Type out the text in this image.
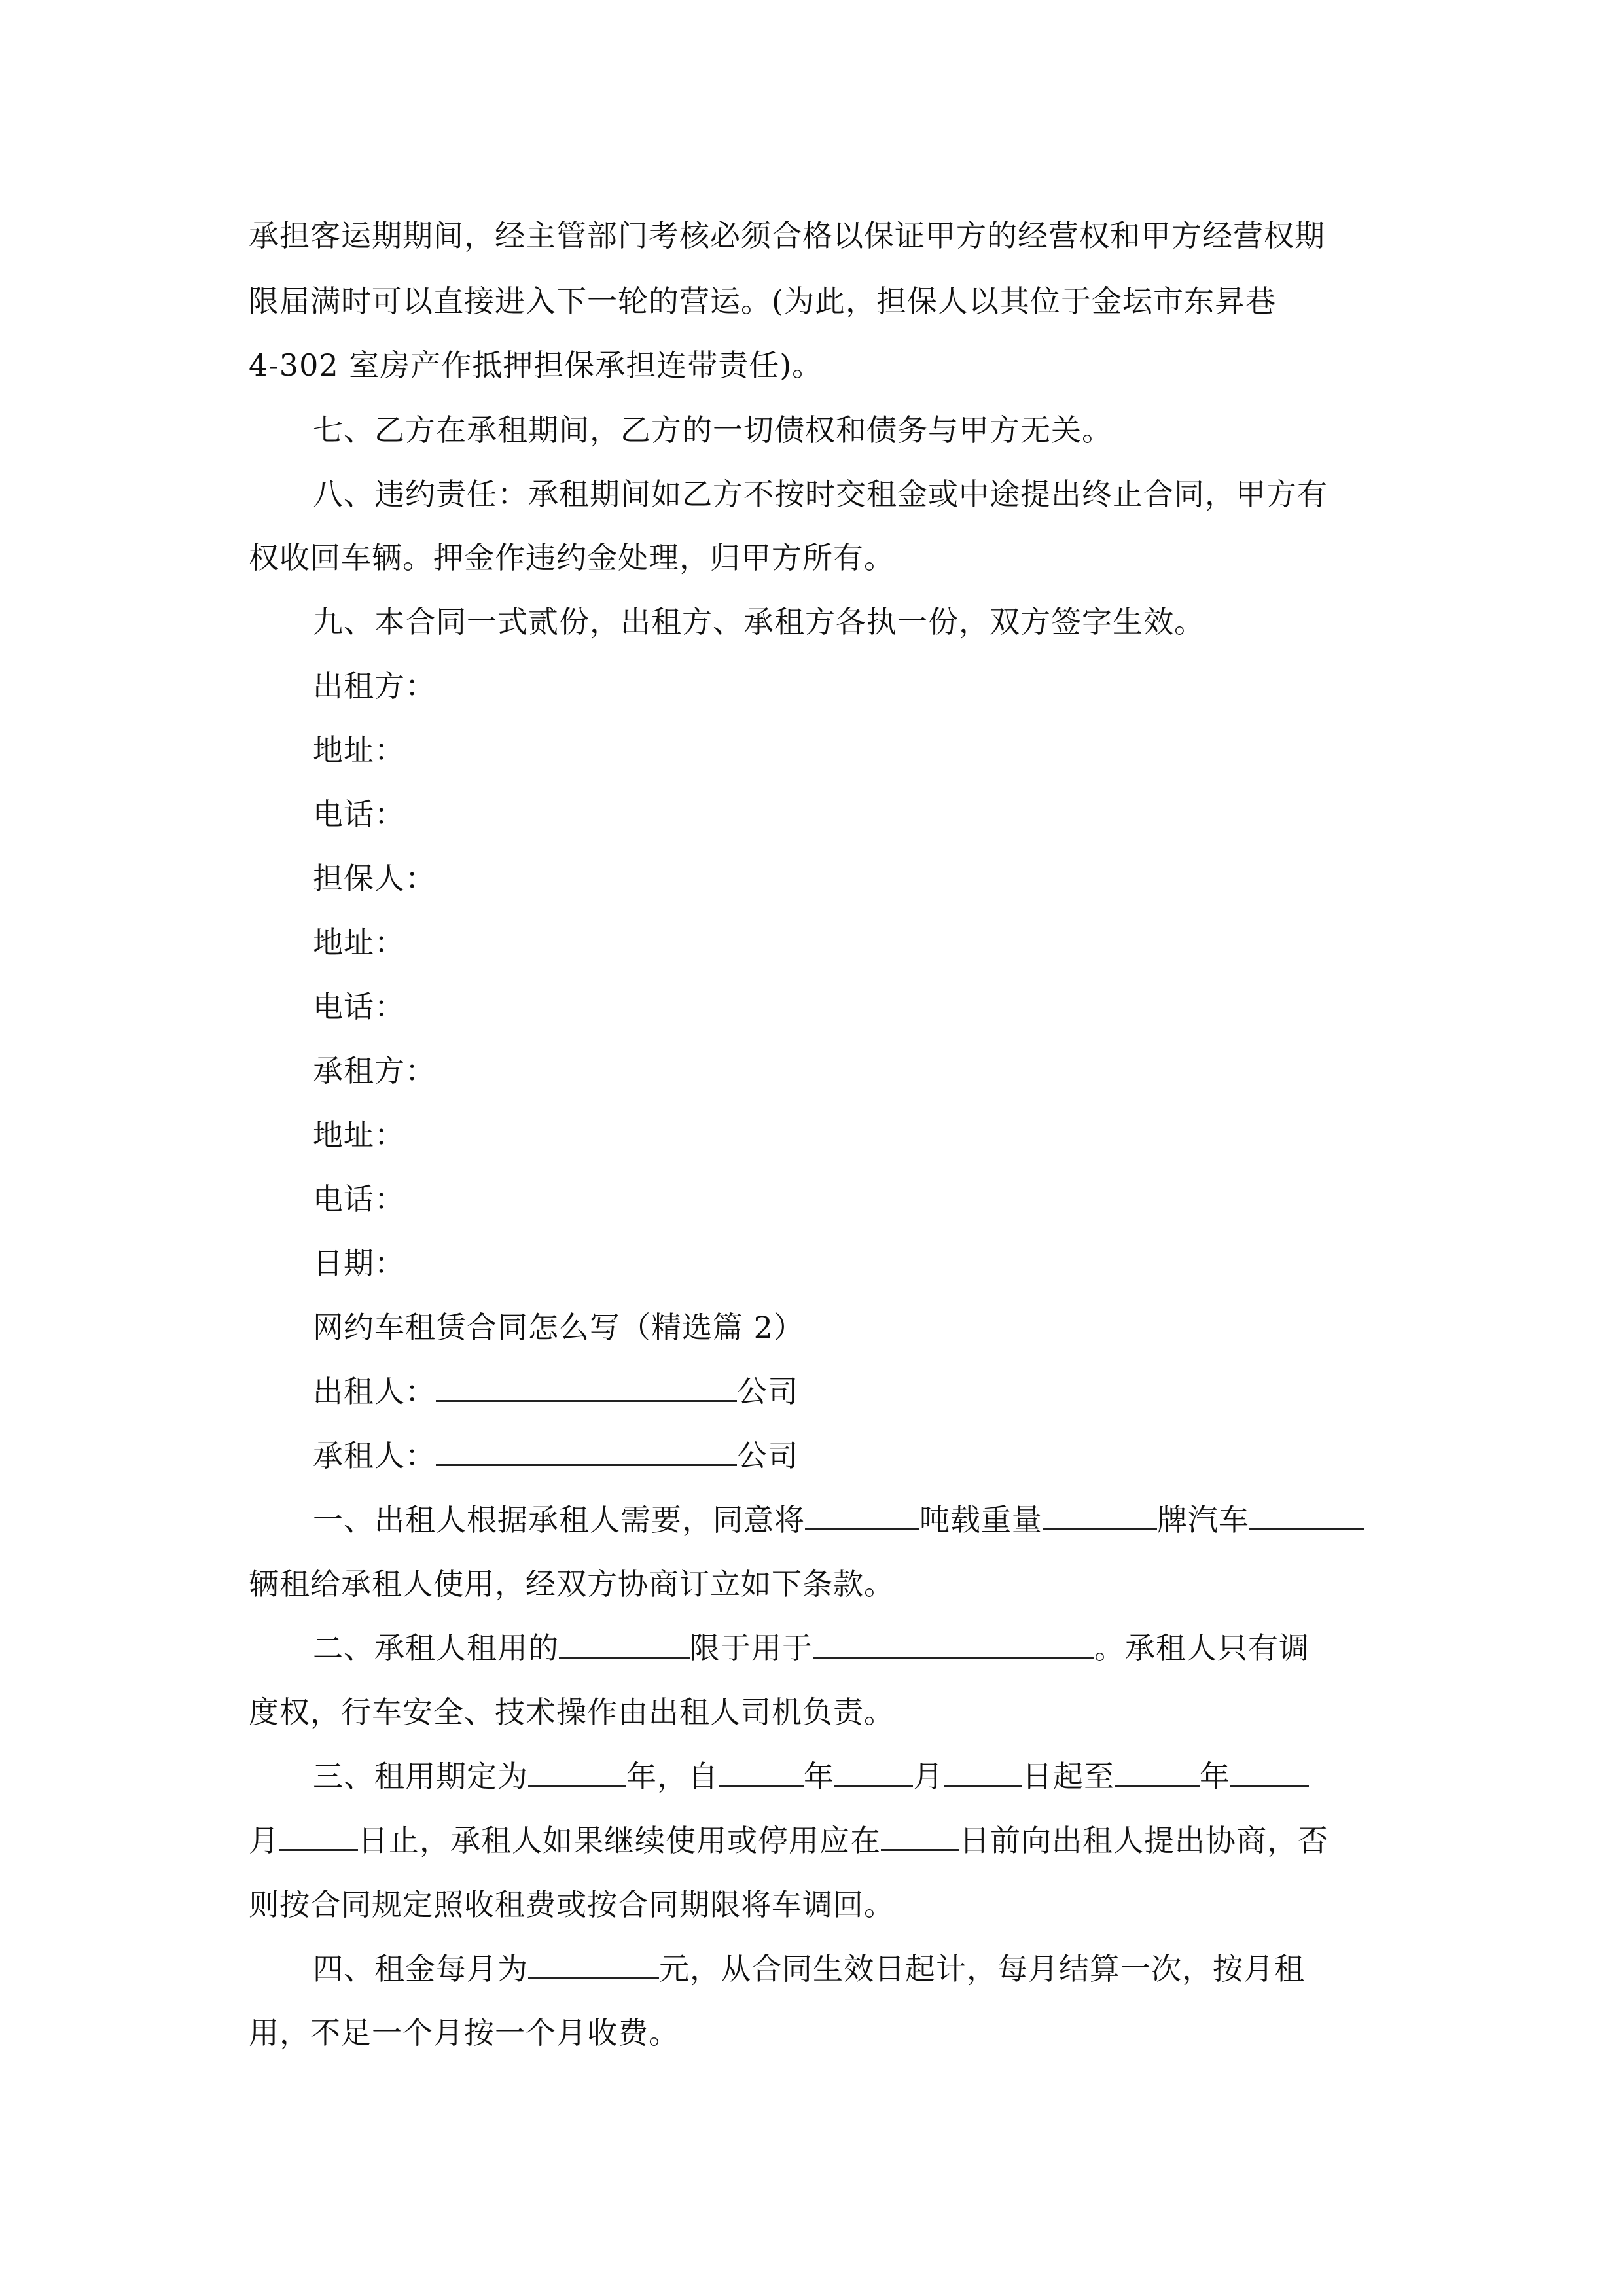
承担客运期期间，经主管部门考核必须合格以保证甲方的经营权和甲方经营权期
限届满时可以直接进入下一轮的营运。(为此，担保人以其位于金坛市东昇巷
4-302 室房产作抵押担保承担连带责任)。
七、乙方在承租期间，乙方的一切债权和债务与甲方无关。
八、违约责任：承租期间如乙方不按时交租金或中途提出终止合同，甲方有
权收回车辆。押金作违约金处理，归甲方所有。
九、本合同一式贰份，出租方、承租方各执一份，双方签字生效。
出租方：
地址：
电话：
担保人：
地址：
电话：
承租方：
地址：
电话：
日期：
网约车租赁合同怎么写（精选篇 2）
出租人：	公司
承租人：	公司
一、出租人根据承租人需要，同意将	吨载重量	牌汽车
辆租给承租人使用，经双方协商订立如下条款。
二、承租人租用的	限于用于	。承租人只有调
度权，行车安全、技术操作由出租人司机负责。
三、租用期定为	年，自	年	月	日起至	年
月	日止，承租人如果继续使用或停用应在	日前向出租人提出协商，否
则按合同规定照收租费或按合同期限将车调回。
四、租金每月为	元，从合同生效日起计，每月结算一次，按月租
用，不足一个月按一个月收费。
